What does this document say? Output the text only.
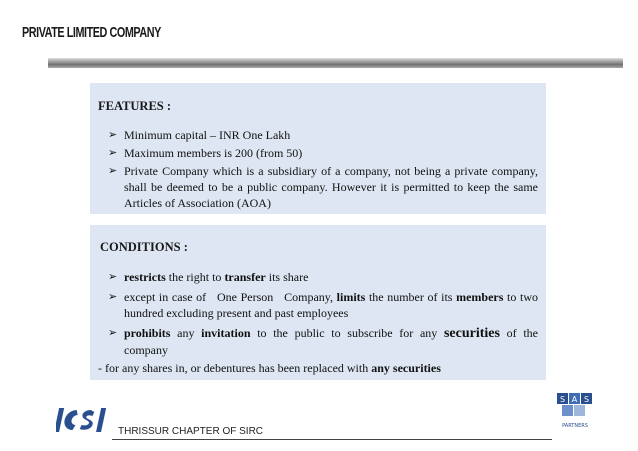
PRIVATE LIMITED COMPANY
FEATURES :
➢ Minimum capital – INR One Lakh
➢ Maximum members is 200 (from 50)
➢ Private Company which is a subsidiary of a company, not being a private company, shall be deemed to be a public company. However it is permitted to keep the same Articles of Association (AOA)
CONDITIONS :
➢ restricts the right to transfer its share
➢ except in case of   One Person   Company, limits the number of its members to two hundred excluding present and past employees
➢ prohibits any invitation to the public to subscribe for any securities of the company
- for any shares in, or debentures has been replaced with any securities
THRISSUR CHAPTER OF SIRC
S A S
PARTNERS
